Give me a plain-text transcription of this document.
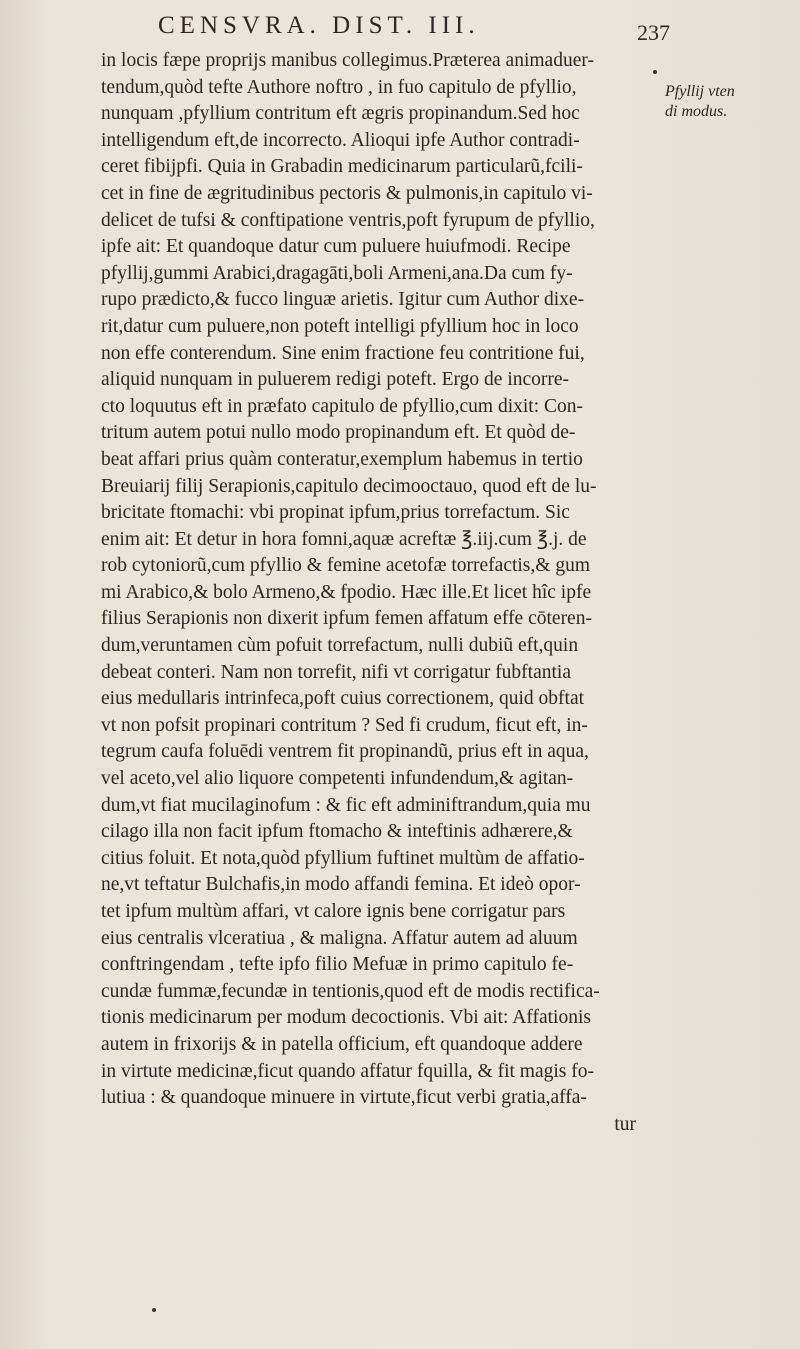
CENSVRA. DIST. III.	237
Pfyllij vten
di modus.
in locis fæpe proprijs manibus collegimus.Præterea animaduer-
tendum,quòd tefte Authore noftro , in fuo capitulo de pfyllio,
nunquam ,pfyllium contritum eft ægris propinandum.Sed hoc
intelligendum eft,de incorrecto. Alioqui ipfe Author contradi-
ceret fibijpfi. Quia in Grabadin medicinarum particularũ,fcili-
cet in fine de ægritudinibus pectoris & pulmonis,in capitulo vi-
delicet de tufsi & conftipatione ventris,poft fyrupum de pfyllio,
ipfe ait: Et quandoque datur cum puluere huiufmodi. Recipe
pfyllij,gummi Arabici,dragagāti,boli Armeni,ana.Da cum fy-
rupo prædicto,& fucco linguæ arietis. Igitur cum Author dixe-
rit,datur cum puluere,non poteft intelligi pfyllium hoc in loco
non effe conterendum. Sine enim fractione feu contritione fui,
aliquid nunquam in puluerem redigi poteft. Ergo de incorre-
cto loquutus eft in præfato capitulo de pfyllio,cum dixit: Con-
tritum autem potui nullo modo propinandum eft. Et quòd de-
beat affari prius quàm conteratur,exemplum habemus in tertio
Breuiarij filij Serapionis,capitulo decimooctauo, quod eft de lu-
bricitate ftomachi: vbi propinat ipfum,prius torrefactum. Sic
enim ait: Et detur in hora fomni,aquæ acreftæ ℥.iij.cum ℥.j. de
rob cytoniorũ,cum pfyllio & femine acetofæ torrefactis,& gum
mi Arabico,& bolo Armeno,& fpodio. Hæc ille.Et licet hîc ipfe
filius Serapionis non dixerit ipfum femen affatum effe cōteren-
dum,veruntamen cùm pofuit torrefactum, nulli dubiũ eft,quin
debeat conteri. Nam non torrefit, nifi vt corrigatur fubftantia
eius medullaris intrinfeca,poft cuius correctionem, quid obftat
vt non pofsit propinari contritum ? Sed fi crudum, ficut eft, in-
tegrum caufa foluēdi ventrem fit propinandũ, prius eft in aqua,
vel aceto,vel alio liquore competenti infundendum,& agitan-
dum,vt fiat mucilaginofum : & fic eft adminiftrandum,quia mu
cilago illa non facit ipfum ftomacho & inteftinis adhærere,&
citius foluit. Et nota,quòd pfyllium fuftinet multùm de affatio-
ne,vt teftatur Bulchafis,in modo affandi femina. Et ideò opor-
tet ipfum multùm affari, vt calore ignis bene corrigatur pars
eius centralis vlceratiua , & maligna. Affatur autem ad aluum
conftringendam , tefte ipfo filio Mefuæ in primo capitulo fe-
cundæ fummæ,fecundæ in tentionis,quod eft de modis rectifica-
tionis medicinarum per modum decoctionis. Vbi ait: Affationis
autem in frixorijs & in patella officium, eft quandoque addere
in virtute medicinæ,ficut quando affatur fquilla, & fit magis fo-
lutiua : & quandoque minuere in virtute,ficut verbi gratia,affa-
tur
